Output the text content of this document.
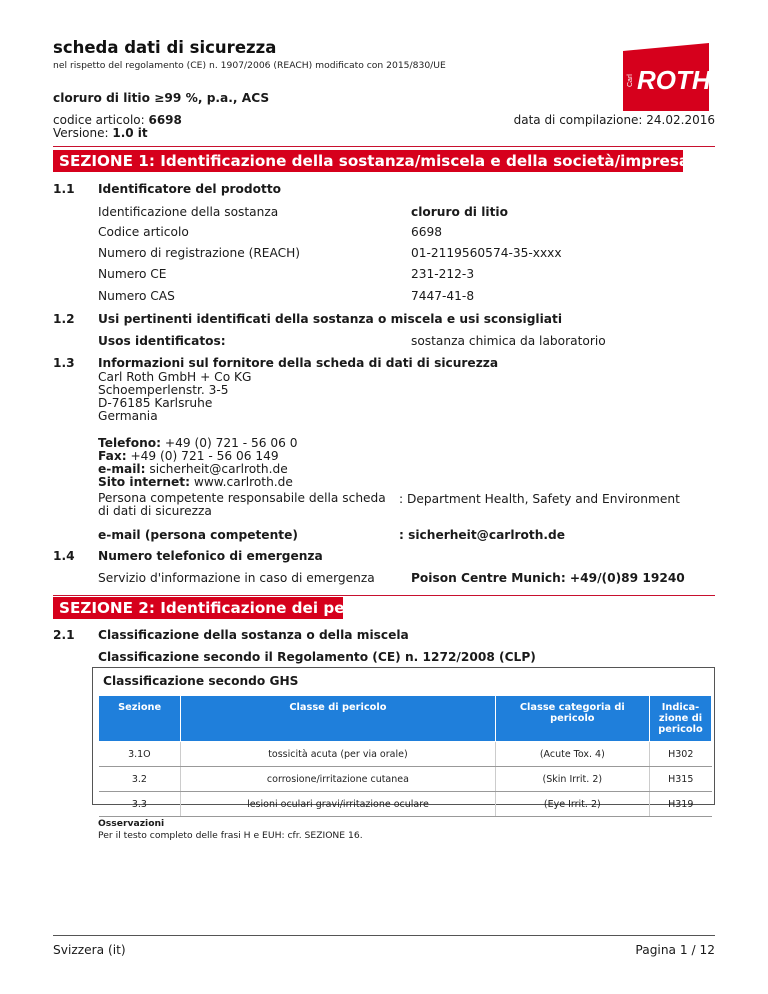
scheda dati di sicurezza
nel rispetto del regolamento (CE) n. 1907/2006 (REACH) modificato con 2015/830/UE
®
ROTH
Carl
cloruro di litio ≥99 %, p.a., ACS
codice articolo: 6698
Versione: 1.0 it
data di compilazione: 24.02.2016
SEZIONE 1: Identificazione della sostanza/miscela e della società/impresa
1.1 Identificatore del prodotto
Identificazione della sostanza	cloruro di litio
Codice articolo	6698
Numero di registrazione (REACH)	01-2119560574-35-xxxx
Numero CE	231-212-3
Numero CAS	7447-41-8
1.2 Usi pertinenti identificati della sostanza o miscela e usi sconsigliati
Usos identificatos:	sostanza chimica da laboratorio
1.3 Informazioni sul fornitore della scheda di dati di sicurezza
Carl Roth GmbH + Co KG
Schoemperlenstr. 3-5
D-76185 Karlsruhe
Germania
Telefono: +49 (0) 721 - 56 06 0
Fax: +49 (0) 721 - 56 06 149
e-mail: sicherheit@carlroth.de
Sito internet: www.carlroth.de
Persona competente responsabile della scheda di dati di sicurezza
: Department Health, Safety and Environment
e-mail (persona competente)	: sicherheit@carlroth.de
1.4 Numero telefonico di emergenza
Servizio d'informazione in caso di emergenza	Poison Centre Munich: +49/(0)89 19240
SEZIONE 2: Identificazione dei pericoli
2.1 Classificazione della sostanza o della miscela
Classificazione secondo il Regolamento (CE) n. 1272/2008 (CLP)
Classificazione secondo GHS
Sezione	Classe di pericolo	Classe categoria di pericolo	Indica-zione di pericolo
3.1O	tossicità acuta (per via orale)	(Acute Tox. 4)	H302
3.2	corrosione/irritazione cutanea	(Skin Irrit. 2)	H315
3.3	lesioni oculari gravi/irritazione oculare	(Eye Irrit. 2)	H319
Osservazioni
Per il testo completo delle frasi H e EUH: cfr. SEZIONE 16.
Svizzera (it)	Pagina 1 / 12
